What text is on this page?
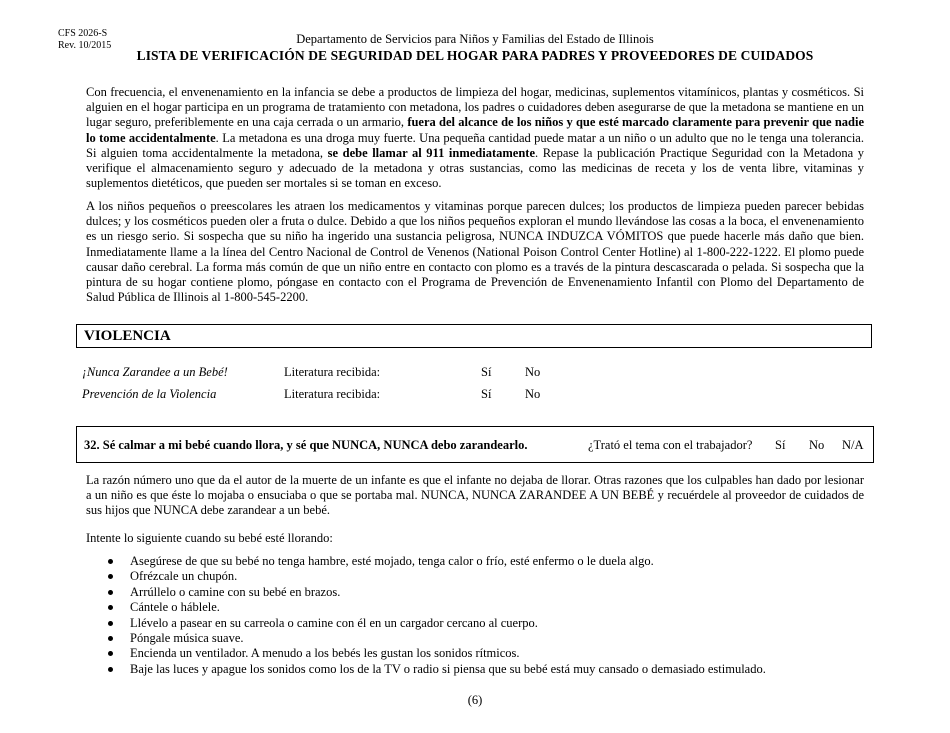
CFS 2026-S
Rev. 10/2015	Departamento de Servicios para Niños y Familias del Estado de Illinois
LISTA DE VERIFICACIÓN DE SEGURIDAD DEL HOGAR PARA PADRES Y PROVEEDORES DE CUIDADOS
Con frecuencia, el envenenamiento en la infancia se debe a productos de limpieza del hogar, medicinas, suplementos vitamínicos, plantas y cosméticos. Si alguien en el hogar participa en un programa de tratamiento con metadona, los padres o cuidadores deben asegurarse de que la metadona se mantiene en un lugar seguro, preferiblemente en una caja cerrada o un armario, fuera del alcance de los niños y que esté marcado claramente para prevenir que nadie lo tome accidentalmente. La metadona es una droga muy fuerte. Una pequeña cantidad puede matar a un niño o un adulto que no le tenga una tolerancia. Si alguien toma accidentalmente la metadona, se debe llamar al 911 inmediatamente. Repase la publicación Practique Seguridad con la Metadona y verifique el almacenamiento seguro y adecuado de la metadona y otras sustancias, como las medicinas de receta y los de venta libre, vitaminas y suplementos dietéticos, que pueden ser mortales si se toman en exceso.
A los niños pequeños o preescolares les atraen los medicamentos y vitaminas porque parecen dulces; los productos de limpieza pueden parecer bebidas dulces; y los cosméticos pueden oler a fruta o dulce. Debido a que los niños pequeños exploran el mundo llevándose las cosas a la boca, el envenenamiento es un riesgo serio. Si sospecha que su niño ha ingerido una sustancia peligrosa, NUNCA INDUZCA VÓMITOS que puede hacerle más daño que bien. Inmediatamente llame a la línea del Centro Nacional de Control de Venenos (National Poison Control Center Hotline) al 1-800-222-1222. El plomo puede causar daño cerebral. La forma más común de que un niño entre en contacto con plomo es a través de la pintura descascarada o pelada. Si sospecha que la pintura de su hogar contiene plomo, póngase en contacto con el Programa de Prevención de Envenenamiento Infantil con Plomo del Departamento de Salud Pública de Illinois al 1-800-545-2200.
VIOLENCIA
¡Nunca Zarandee a un Bebé!	Literatura recibida:	Sí	No
Prevención de la Violencia	Literatura recibida:	Sí	No
32. Sé calmar a mi bebé cuando llora, y sé que NUNCA, NUNCA debo zarandearlo.	¿Trató el tema con el trabajador? Sí No N/A
La razón número uno que da el autor de la muerte de un infante es que el infante no dejaba de llorar. Otras razones que los culpables han dado por lesionar a un niño es que éste lo mojaba o ensuciaba o que se portaba mal. NUNCA, NUNCA ZARANDEE A UN BEBÉ y recuérdele al proveedor de cuidados de sus hijos que NUNCA debe zarandear a un bebé.
Intente lo siguiente cuando su bebé esté llorando:
Asegúrese de que su bebé no tenga hambre, esté mojado, tenga calor o frío, esté enfermo o le duela algo.
Ofrézcale un chupón.
Arrúllelo o camine con su bebé en brazos.
Cántele o háblele.
Llévelo a pasear en su carreola o camine con él en un cargador cercano al cuerpo.
Póngale música suave.
Encienda un ventilador. A menudo a los bebés les gustan los sonidos rítmicos.
Baje las luces y apague los sonidos como los de la TV o radio si piensa que su bebé está muy cansado o demasiado estimulado.
(6)
